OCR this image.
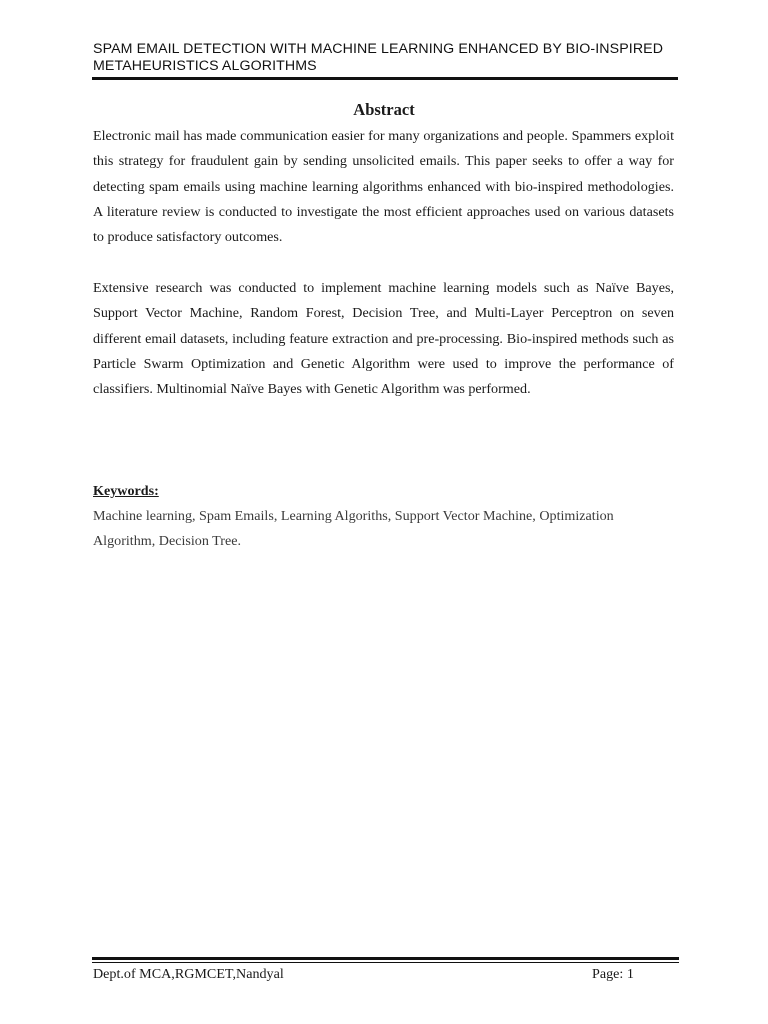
SPAM EMAIL DETECTION WITH MACHINE LEARNING ENHANCED BY BIO-INSPIRED METAHEURISTICS ALGORITHMS

Abstract

Electronic mail has made communication easier for many organizations and people. Spammers exploit this strategy for fraudulent gain by sending unsolicited emails. This paper seeks to offer a way for detecting spam emails using machine learning algorithms enhanced with bio-inspired methodologies. A literature review is conducted to investigate the most efficient approaches used on various datasets to produce satisfactory outcomes.

Extensive research was conducted to implement machine learning models such as Naïve Bayes, Support Vector Machine, Random Forest, Decision Tree, and Multi-Layer Perceptron on seven different email datasets, including feature extraction and pre-processing. Bio-inspired methods such as Particle Swarm Optimization and Genetic Algorithm were used to improve the performance of classifiers. Multinomial Naïve Bayes with Genetic Algorithm was performed.

Keywords:

Machine learning, Spam Emails, Learning Algoriths, Support Vector Machine, Optimization Algorithm, Decision Tree.

Dept.of MCA,RGMCET,Nandyal	Page: 1
